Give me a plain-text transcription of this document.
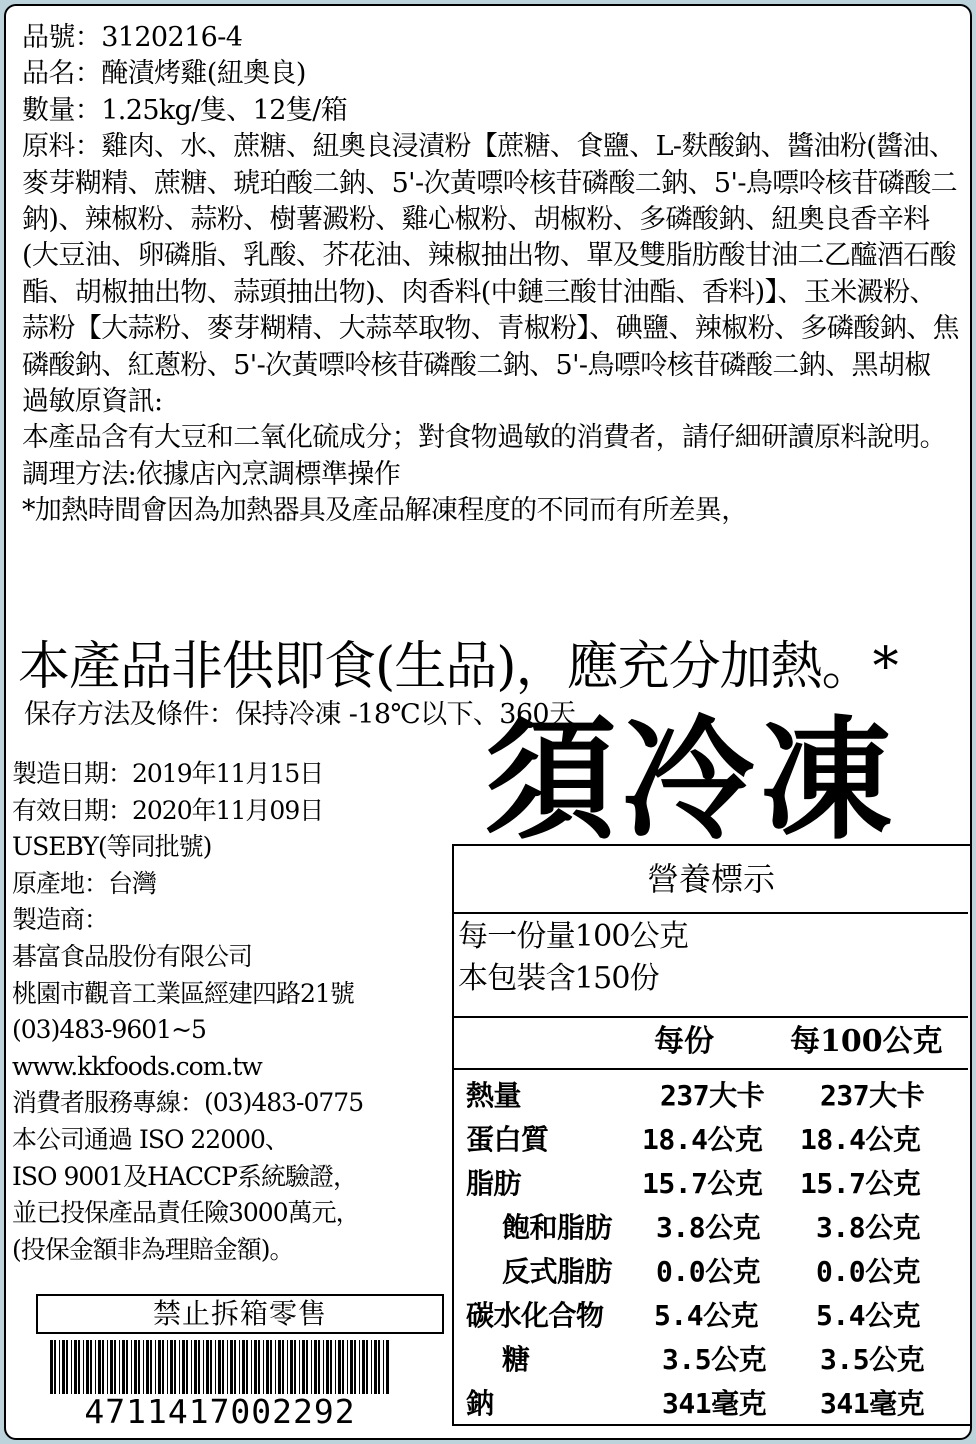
品號：3120216-4
品名：醃漬烤雞(紐奧良)
數量：1.25kg/隻、12隻/箱
原料：雞肉、水、蔗糖、紐奧良浸漬粉【蔗糖、食鹽、L-麩酸鈉、醬油粉(醬油、麥芽糊精、蔗糖、琥珀酸二鈉、5'-次黃嘌呤核苷磷酸二鈉、5'-鳥嘌呤核苷磷酸二鈉)、辣椒粉、蒜粉、樹薯澱粉、雞心椒粉、胡椒粉、多磷酸鈉、紐奧良香辛料(大豆油、卵磷脂、乳酸、芥花油、辣椒抽出物、單及雙脂肪酸甘油二乙醯酒石酸酯、胡椒抽出物、蒜頭抽出物)、肉香料(中鏈三酸甘油酯、香料)】、玉米澱粉、蒜粉【大蒜粉、麥芽糊精、大蒜萃取物、青椒粉】、碘鹽、辣椒粉、多磷酸鈉、焦磷酸鈉、紅蔥粉、5'-次黃嘌呤核苷磷酸二鈉、5'-鳥嘌呤核苷磷酸二鈉、黑胡椒
過敏原資訊:
本產品含有大豆和二氧化硫成分；對食物過敏的消費者，請仔細研讀原料說明。
調理方法:依據店內烹調標準操作
*加熱時間會因為加熱器具及產品解凍程度的不同而有所差異，
本產品非供即食(生品)，應充分加熱。*
保存方法及條件：保持冷凍 -18℃以下、360天
須冷凍
製造日期：2019年11月15日
有效日期：2020年11月09日
USEBY(等同批號)
原產地：台灣
製造商：
碁富食品股份有限公司
桃園市觀音工業區經建四路21號
(03)483-9601~5
www.kkfoods.com.tw
消費者服務專線：(03)483-0775
本公司通過 ISO 22000、
ISO 9001及HACCP系統驗證，
並已投保產品責任險3000萬元，
(投保金額非為理賠金額)。
禁止拆箱零售
4711417002292
營養標示
每一份量100公克
本包裝含150份
每份	每100公克
熱量	237大卡 237大卡
蛋白質	18.4公克 18.4公克
脂肪	15.7公克 15.7公克
飽和脂肪 3.8公克 3.8公克
反式脂肪 0.0公克 0.0公克
碳水化合物 5.4公克 5.4公克
糖	3.5公克 3.5公克
鈉	341毫克 341毫克
